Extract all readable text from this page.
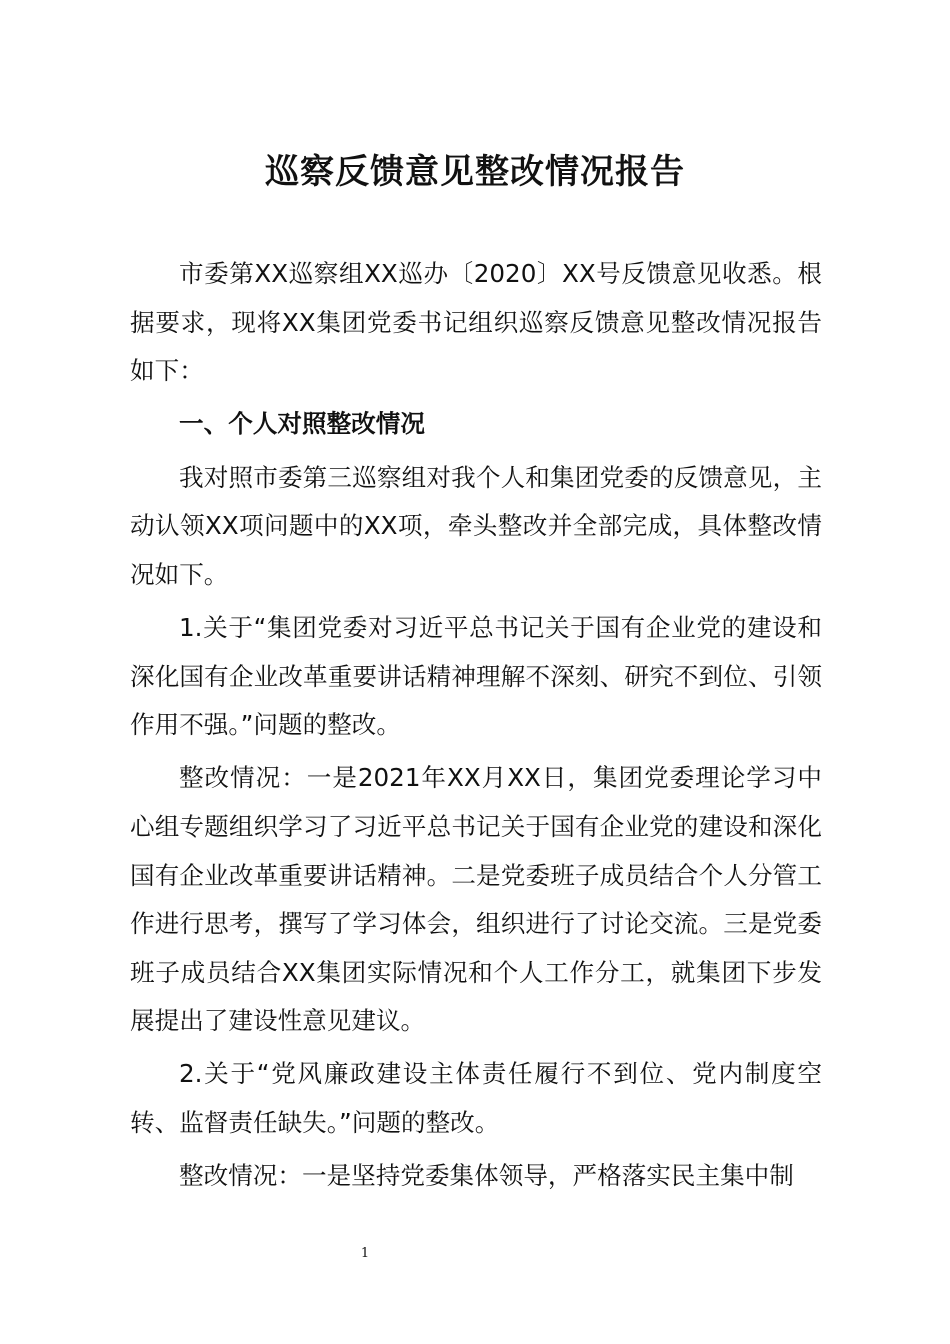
巡察反馈意见整改情况报告

市委第XX巡察组XX巡办〔2020〕XX号反馈意见收悉。根据要求，现将XX集团党委书记组织巡察反馈意见整改情况报告如下：

一、个人对照整改情况

我对照市委第三巡察组对我个人和集团党委的反馈意见，主动认领XX项问题中的XX项，牵头整改并全部完成，具体整改情况如下。

1.关于“集团党委对习近平总书记关于国有企业党的建设和深化国有企业改革重要讲话精神理解不深刻、研究不到位、引领作用不强。”问题的整改。

整改情况：一是2021年XX月XX日，集团党委理论学习中心组专题组织学习了习近平总书记关于国有企业党的建设和深化国有企业改革重要讲话精神。二是党委班子成员结合个人分管工作进行思考，撰写了学习体会，组织进行了讨论交流。三是党委班子成员结合XX集团实际情况和个人工作分工，就集团下步发展提出了建设性意见建议。

2.关于“党风廉政建设主体责任履行不到位、党内制度空转、监督责任缺失。”问题的整改。

整改情况：一是坚持党委集体领导，严格落实民主集中制

1
